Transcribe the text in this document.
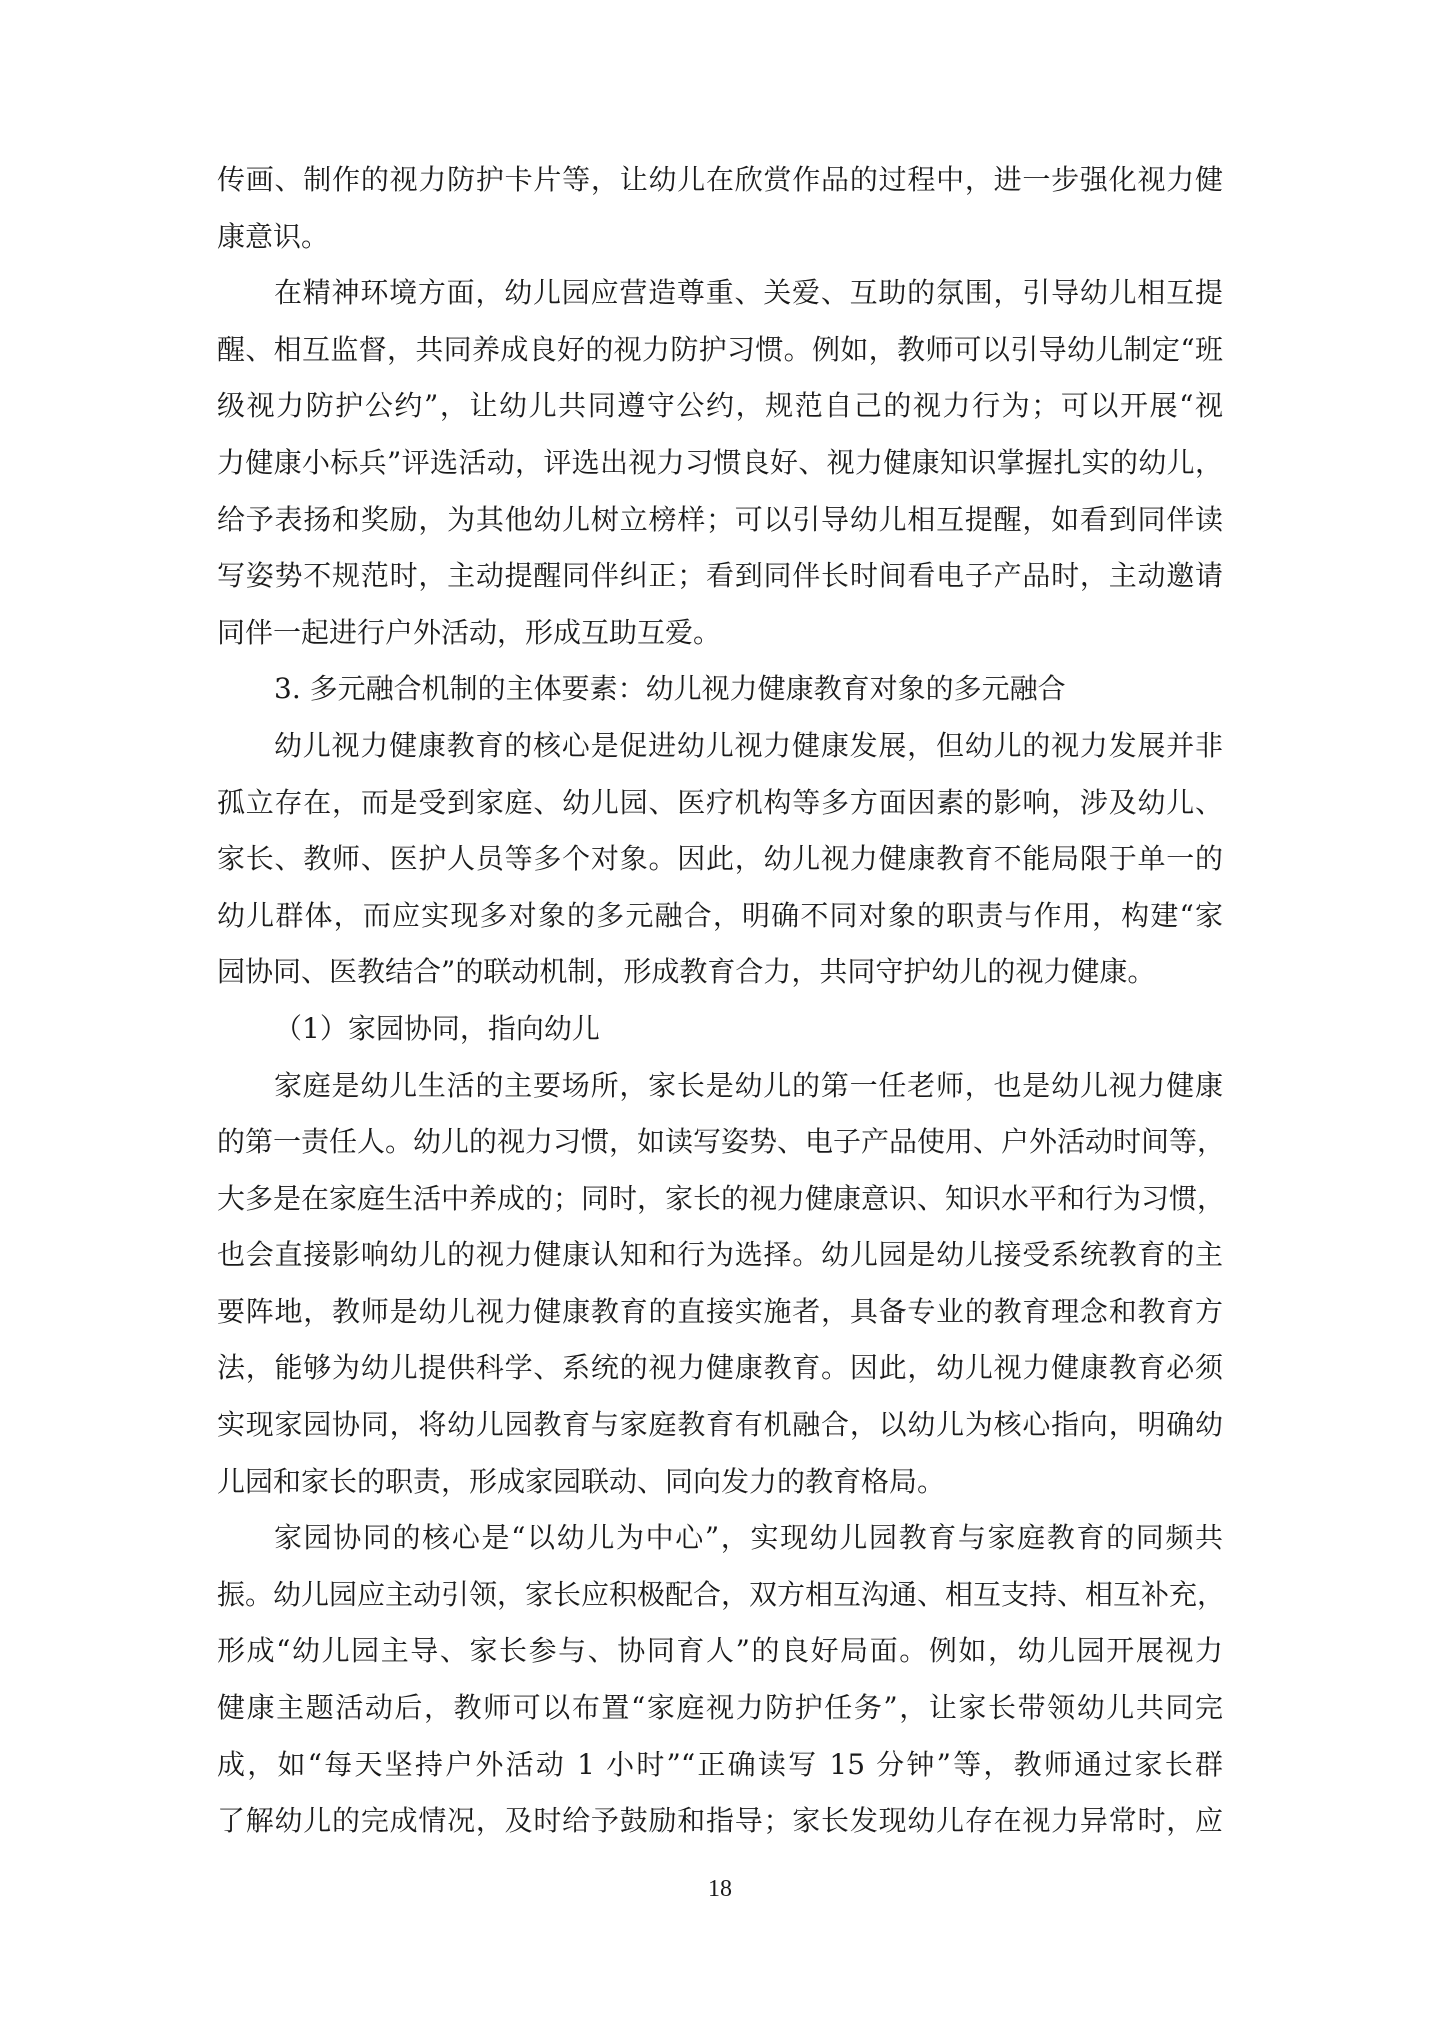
传画、制作的视力防护卡片等，让幼儿在欣赏作品的过程中，进一步强化视力健
康意识。
在精神环境方面，幼儿园应营造尊重、关爱、互助的氛围，引导幼儿相互提
醒、相互监督，共同养成良好的视力防护习惯。例如，教师可以引导幼儿制定“班
级视力防护公约”，让幼儿共同遵守公约，规范自己的视力行为；可以开展“视
力健康小标兵”评选活动，评选出视力习惯良好、视力健康知识掌握扎实的幼儿，
给予表扬和奖励，为其他幼儿树立榜样；可以引导幼儿相互提醒，如看到同伴读
写姿势不规范时，主动提醒同伴纠正；看到同伴长时间看电子产品时，主动邀请
同伴一起进行户外活动，形成互助互爱。
3. 多元融合机制的主体要素：幼儿视力健康教育对象的多元融合
幼儿视力健康教育的核心是促进幼儿视力健康发展，但幼儿的视力发展并非
孤立存在，而是受到家庭、幼儿园、医疗机构等多方面因素的影响，涉及幼儿、
家长、教师、医护人员等多个对象。因此，幼儿视力健康教育不能局限于单一的
幼儿群体，而应实现多对象的多元融合，明确不同对象的职责与作用，构建“家
园协同、医教结合”的联动机制，形成教育合力，共同守护幼儿的视力健康。
（1）家园协同，指向幼儿
家庭是幼儿生活的主要场所，家长是幼儿的第一任老师，也是幼儿视力健康
的第一责任人。幼儿的视力习惯，如读写姿势、电子产品使用、户外活动时间等，
大多是在家庭生活中养成的；同时，家长的视力健康意识、知识水平和行为习惯，
也会直接影响幼儿的视力健康认知和行为选择。幼儿园是幼儿接受系统教育的主
要阵地，教师是幼儿视力健康教育的直接实施者，具备专业的教育理念和教育方
法，能够为幼儿提供科学、系统的视力健康教育。因此，幼儿视力健康教育必须
实现家园协同，将幼儿园教育与家庭教育有机融合，以幼儿为核心指向，明确幼
儿园和家长的职责，形成家园联动、同向发力的教育格局。
家园协同的核心是“以幼儿为中心”，实现幼儿园教育与家庭教育的同频共
振。幼儿园应主动引领，家长应积极配合，双方相互沟通、相互支持、相互补充，
形成“幼儿园主导、家长参与、协同育人”的良好局面。例如，幼儿园开展视力
健康主题活动后，教师可以布置“家庭视力防护任务”，让家长带领幼儿共同完
成，如“每天坚持户外活动 1 小时”“正确读写 15 分钟”等，教师通过家长群
了解幼儿的完成情况，及时给予鼓励和指导；家长发现幼儿存在视力异常时，应
18
